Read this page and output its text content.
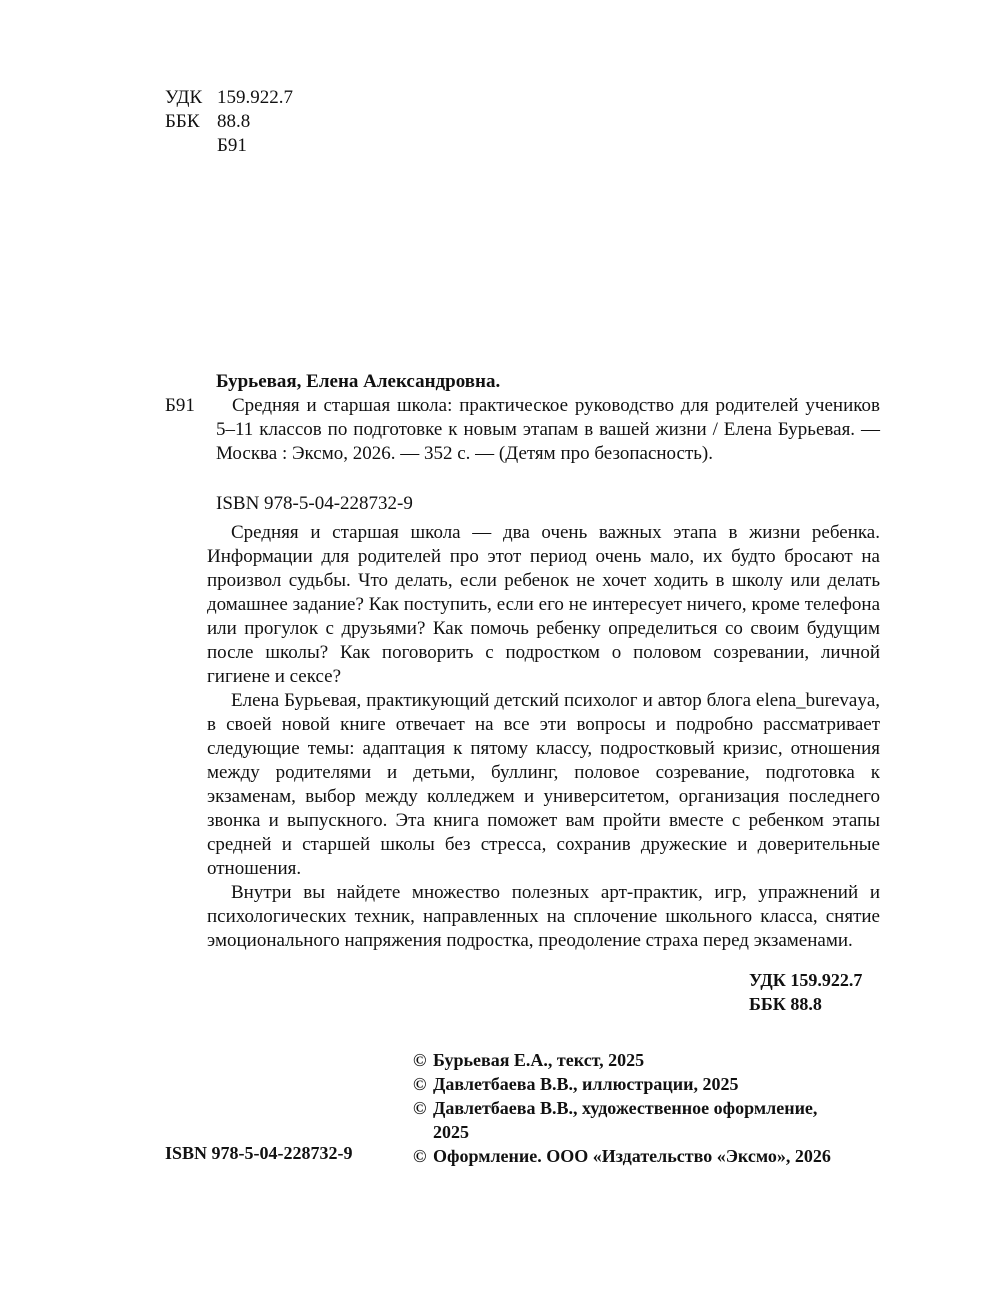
УДК 159.922.7
ББК 88.8
Б91
Бурьевая, Елена Александровна.
Б91	Средняя и старшая школа: практическое руководство для родителей учеников 5–11 классов по подготовке к новым этапам в вашей жизни / Елена Бурьевая. — Москва : Эксмо, 2026. — 352 с. — (Детям про безопасность).
ISBN 978-5-04-228732-9

Средняя и старшая школа — два очень важных этапа в жизни ребенка. Информации для родителей про этот период очень мало, их будто бросают на произвол судьбы. Что делать, если ребенок не хочет ходить в школу или делать домашнее задание? Как поступить, если его не интересует ничего, кроме телефона или прогулок с друзьями? Как помочь ребенку определиться со своим будущим после школы? Как поговорить с подростком о половом созревании, личной гигиене и сексе?

Елена Бурьевая, практикующий детский психолог и автор блога elena_burevaya, в своей новой книге отвечает на все эти вопросы и подробно рассматривает следующие темы: адаптация к пятому классу, подростковый кризис, отношения между родителями и детьми, буллинг, половое созревание, подготовка к экзаменам, выбор между колледжем и университетом, организация последнего звонка и выпускного. Эта книга поможет вам пройти вместе с ребенком этапы средней и старшей школы без стресса, сохранив дружеские и доверительные отношения.

Внутри вы найдете множество полезных арт-практик, игр, упражнений и психологических техник, направленных на сплочение школьного класса, снятие эмоционального напряжения подростка, преодоление страха перед экзаменами.

УДК 159.922.7
ББК 88.8
© Бурьевая Е.А., текст, 2025
© Давлетбаева В.В., иллюстрации, 2025
© Давлетбаева В.В., художественное оформление,
2025
© Оформление. ООО «Издательство «Эксмо», 2026
ISBN 978-5-04-228732-9
